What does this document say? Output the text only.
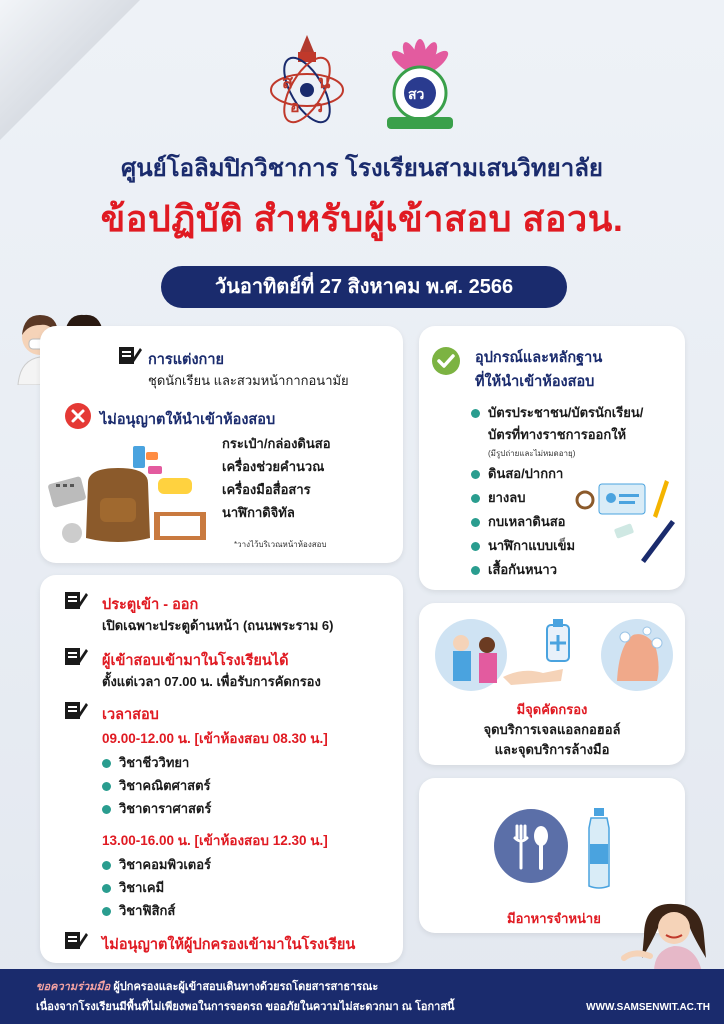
ส น
อ ว
สว
ศูนย์โอลิมปิกวิชาการ โรงเรียนสามเสนวิทยาลัย
ข้อปฏิบัติ สำหรับผู้เข้าสอบ สอวน.
วันอาทิตย์ที่ 27 สิงหาคม พ.ศ. 2566
การแต่งกาย
ชุดนักเรียน และสวมหน้ากากอนามัย
ไม่อนุญาตให้นำเข้าห้องสอบ
กระเป๋า/กล่องดินสอ
เครื่องช่วยคำนวณ
เครื่องมือสื่อสาร
นาฬิกาดิจิทัล
*วางไว้บริเวณหน้าห้องสอบ
อุปกรณ์และหลักฐาน
ที่ให้นำเข้าห้องสอบ
บัตรประชาชน/บัตรนักเรียน/
บัตรที่ทางราชการออกให้
(มีรูปถ่ายและไม่หมดอายุ)
ดินสอ/ปากกา
ยางลบ
กบเหลาดินสอ
นาฬิกาแบบเข็ม
เสื้อกันหนาว
ประตูเข้า - ออก
เปิดเฉพาะประตูด้านหน้า (ถนนพระราม 6)
ผู้เข้าสอบเข้ามาในโรงเรียนได้
ตั้งแต่เวลา 07.00 น. เพื่อรับการคัดกรอง
เวลาสอบ
09.00-12.00 น. [เข้าห้องสอบ 08.30 น.]
วิชาชีววิทยา
วิชาคณิตศาสตร์
วิชาดาราศาสตร์
13.00-16.00 น. [เข้าห้องสอบ 12.30 น.]
วิชาคอมพิวเตอร์
วิชาเคมี
วิชาฟิสิกส์
ไม่อนุญาตให้ผู้ปกครองเข้ามาในโรงเรียน
มีจุดคัดกรอง
จุดบริการเจลแอลกอฮอล์
และจุดบริการล้างมือ
มีอาหารจำหน่าย
ขอความร่วมมือ ผู้ปกครองและผู้เข้าสอบเดินทางด้วยรถโดยสารสาธารณะ
เนื่องจากโรงเรียนมีพื้นที่ไม่เพียงพอในการจอดรถ ขออภัยในความไม่สะดวกมา ณ โอกาสนี้	WWW.SAMSENWIT.AC.TH
